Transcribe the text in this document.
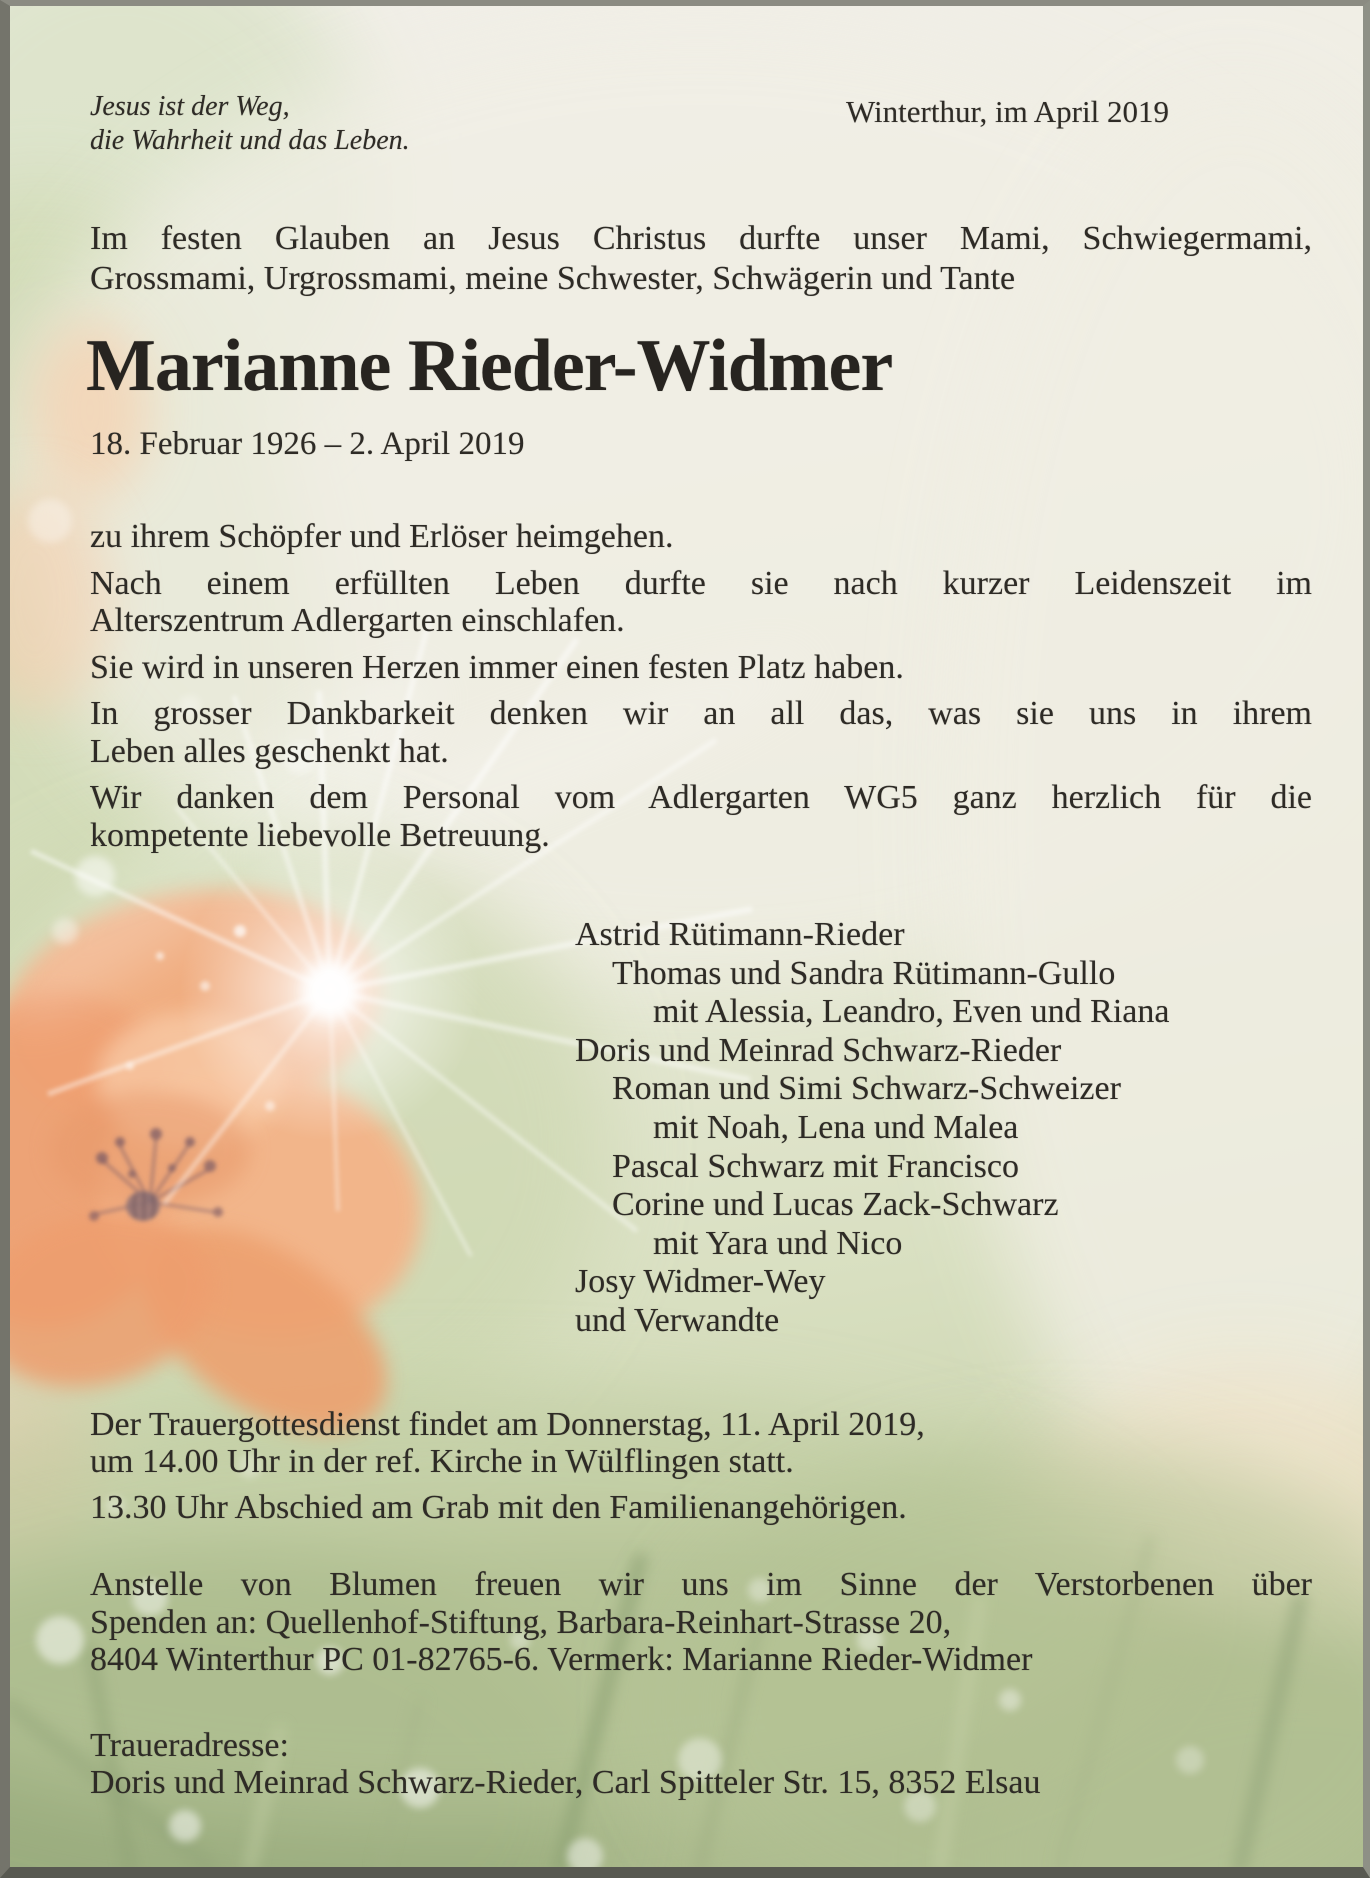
Jesus ist der Weg,
die Wahrheit und das Leben.
Winterthur, im April 2019
Im festen Glauben an Jesus Christus durfte unser Mami, Schwiegermami,
Grossmami, Urgrossmami, meine Schwester, Schwägerin und Tante
Marianne Rieder-Widmer
18. Februar 1926 – 2. April 2019
zu ihrem Schöpfer und Erlöser heimgehen.
Nach einem erfüllten Leben durfte sie nach kurzer Leidenszeit im
Alterszentrum Adlergarten einschlafen.
Sie wird in unseren Herzen immer einen festen Platz haben.
In grosser Dankbarkeit denken wir an all das, was sie uns in ihrem
Leben alles geschenkt hat.
Wir danken dem Personal vom Adlergarten WG5 ganz herzlich für die
kompetente liebevolle Betreuung.
Astrid Rütimann-Rieder
Thomas und Sandra Rütimann-Gullo
mit Alessia, Leandro, Even und Riana
Doris und Meinrad Schwarz-Rieder
Roman und Simi Schwarz-Schweizer
mit Noah, Lena und Malea
Pascal Schwarz mit Francisco
Corine und Lucas Zack-Schwarz
mit Yara und Nico
Josy Widmer-Wey
und Verwandte
Der Trauergottesdienst findet am Donnerstag, 11. April 2019,
um 14.00 Uhr in der ref. Kirche in Wülflingen statt.
13.30 Uhr Abschied am Grab mit den Familienangehörigen.
Anstelle von Blumen freuen wir uns im Sinne der Verstorbenen über
Spenden an: Quellenhof-Stiftung, Barbara-Reinhart-Strasse 20,
8404 Winterthur PC 01-82765-6. Vermerk: Marianne Rieder-Widmer
Traueradresse:
Doris und Meinrad Schwarz-Rieder, Carl Spitteler Str. 15, 8352 Elsau
